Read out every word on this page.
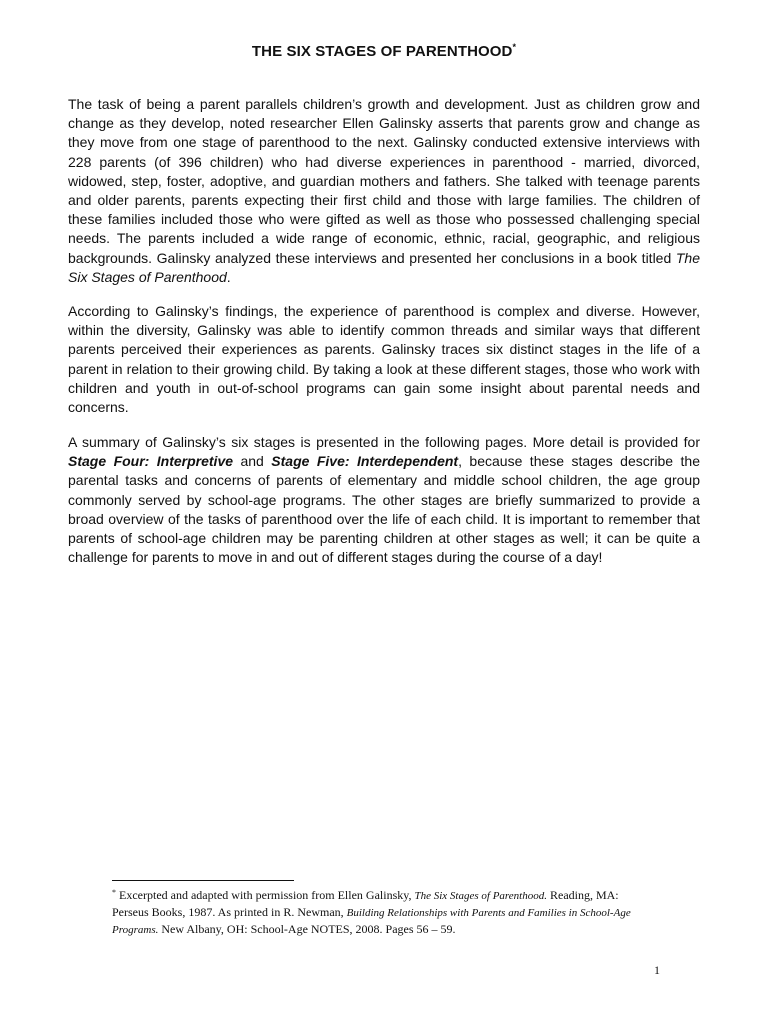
THE SIX STAGES OF PARENTHOOD*

The task of being a parent parallels children’s growth and development. Just as children grow and change as they develop, noted researcher Ellen Galinsky asserts that parents grow and change as they move from one stage of parenthood to the next. Galinsky conducted extensive interviews with 228 parents (of 396 children) who had diverse experiences in parenthood - married, divorced, widowed, step, foster, adoptive, and guardian mothers and fathers. She talked with teenage parents and older parents, parents expecting their first child and those with large families. The children of these families included those who were gifted as well as those who possessed challenging special needs. The parents included a wide range of economic, ethnic, racial, geographic, and religious backgrounds. Galinsky analyzed these interviews and presented her conclusions in a book titled The Six Stages of Parenthood.

According to Galinsky’s findings, the experience of parenthood is complex and diverse. However, within the diversity, Galinsky was able to identify common threads and similar ways that different parents perceived their experiences as parents. Galinsky traces six distinct stages in the life of a parent in relation to their growing child. By taking a look at these different stages, those who work with children and youth in out-of-school programs can gain some insight about parental needs and concerns.

A summary of Galinsky’s six stages is presented in the following pages. More detail is provided for Stage Four: Interpretive and Stage Five: Interdependent, because these stages describe the parental tasks and concerns of parents of elementary and middle school children, the age group commonly served by school-age programs. The other stages are briefly summarized to provide a broad overview of the tasks of parenthood over the life of each child. It is important to remember that parents of school-age children may be parenting children at other stages as well; it can be quite a challenge for parents to move in and out of different stages during the course of a day!

* Excerpted and adapted with permission from Ellen Galinsky, The Six Stages of Parenthood. Reading, MA: Perseus Books, 1987. As printed in R. Newman, Building Relationships with Parents and Families in School-Age Programs. New Albany, OH: School-Age NOTES, 2008. Pages 56 – 59.

1
